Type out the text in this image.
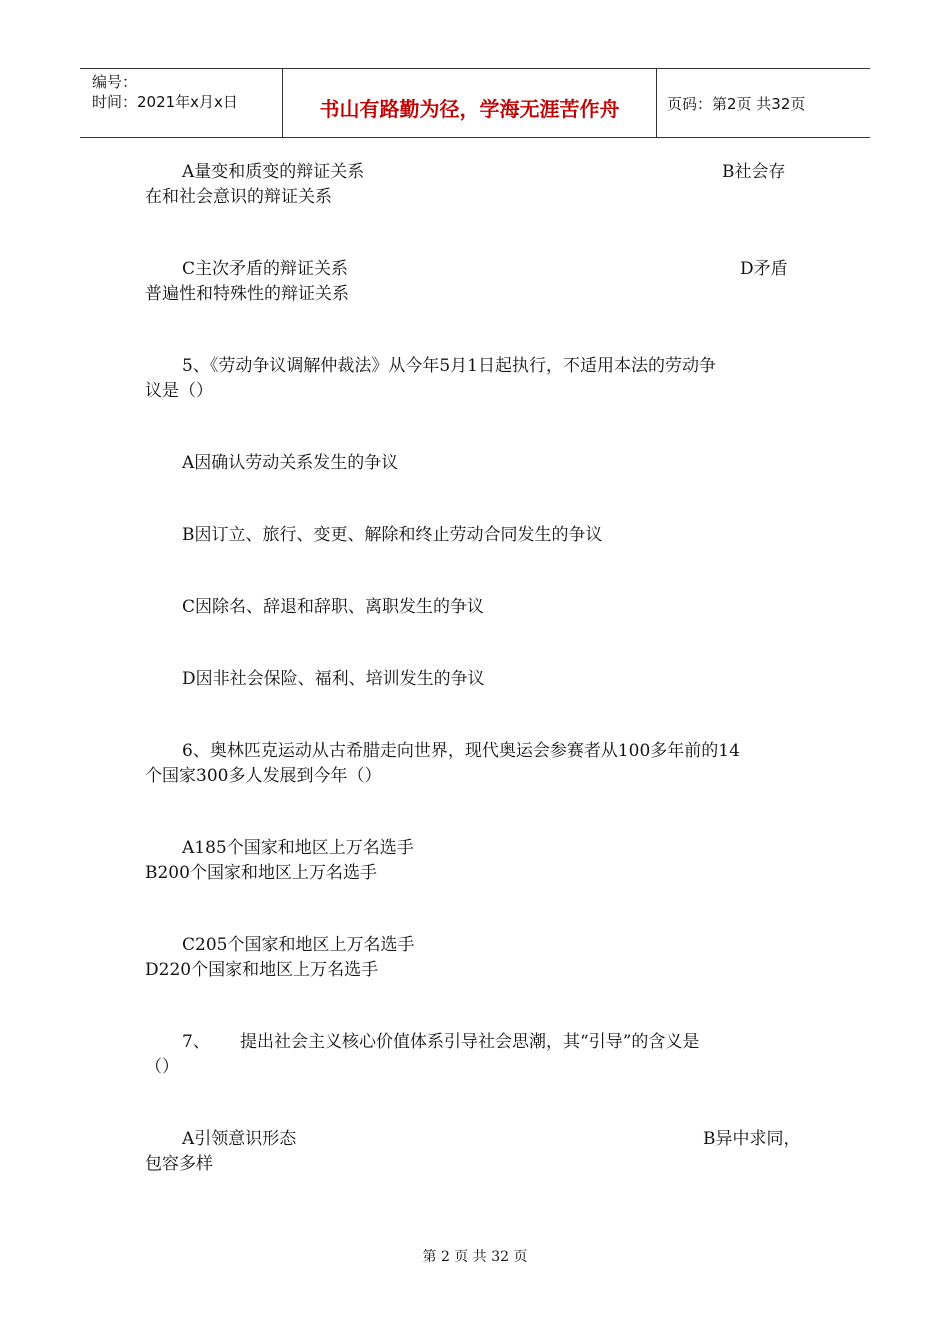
编号：
时间：2021年x月x日	书山有路勤为径，学海无涯苦作舟	页码：第2页 共32页
A量变和质变的辩证关系	B社会存
在和社会意识的辩证关系
C主次矛盾的辩证关系	D矛盾
普遍性和特殊性的辩证关系
5、《劳动争议调解仲裁法》从今年5月1日起执行，不适用本法的劳动争
议是（）
A因确认劳动关系发生的争议
B因订立、旅行、变更、解除和终止劳动合同发生的争议
C因除名、辞退和辞职、离职发生的争议
D因非社会保险、福利、培训发生的争议
6、奥林匹克运动从古希腊走向世界，现代奥运会参赛者从100多年前的14
个国家300多人发展到今年（）
A185个国家和地区上万名选手
B200个国家和地区上万名选手
C205个国家和地区上万名选手
D220个国家和地区上万名选手
7、 提出社会主义核心价值体系引导社会思潮，其“引导”的含义是
（）
A引领意识形态	B异中求同，
包容多样
第 2 页 共 32 页
